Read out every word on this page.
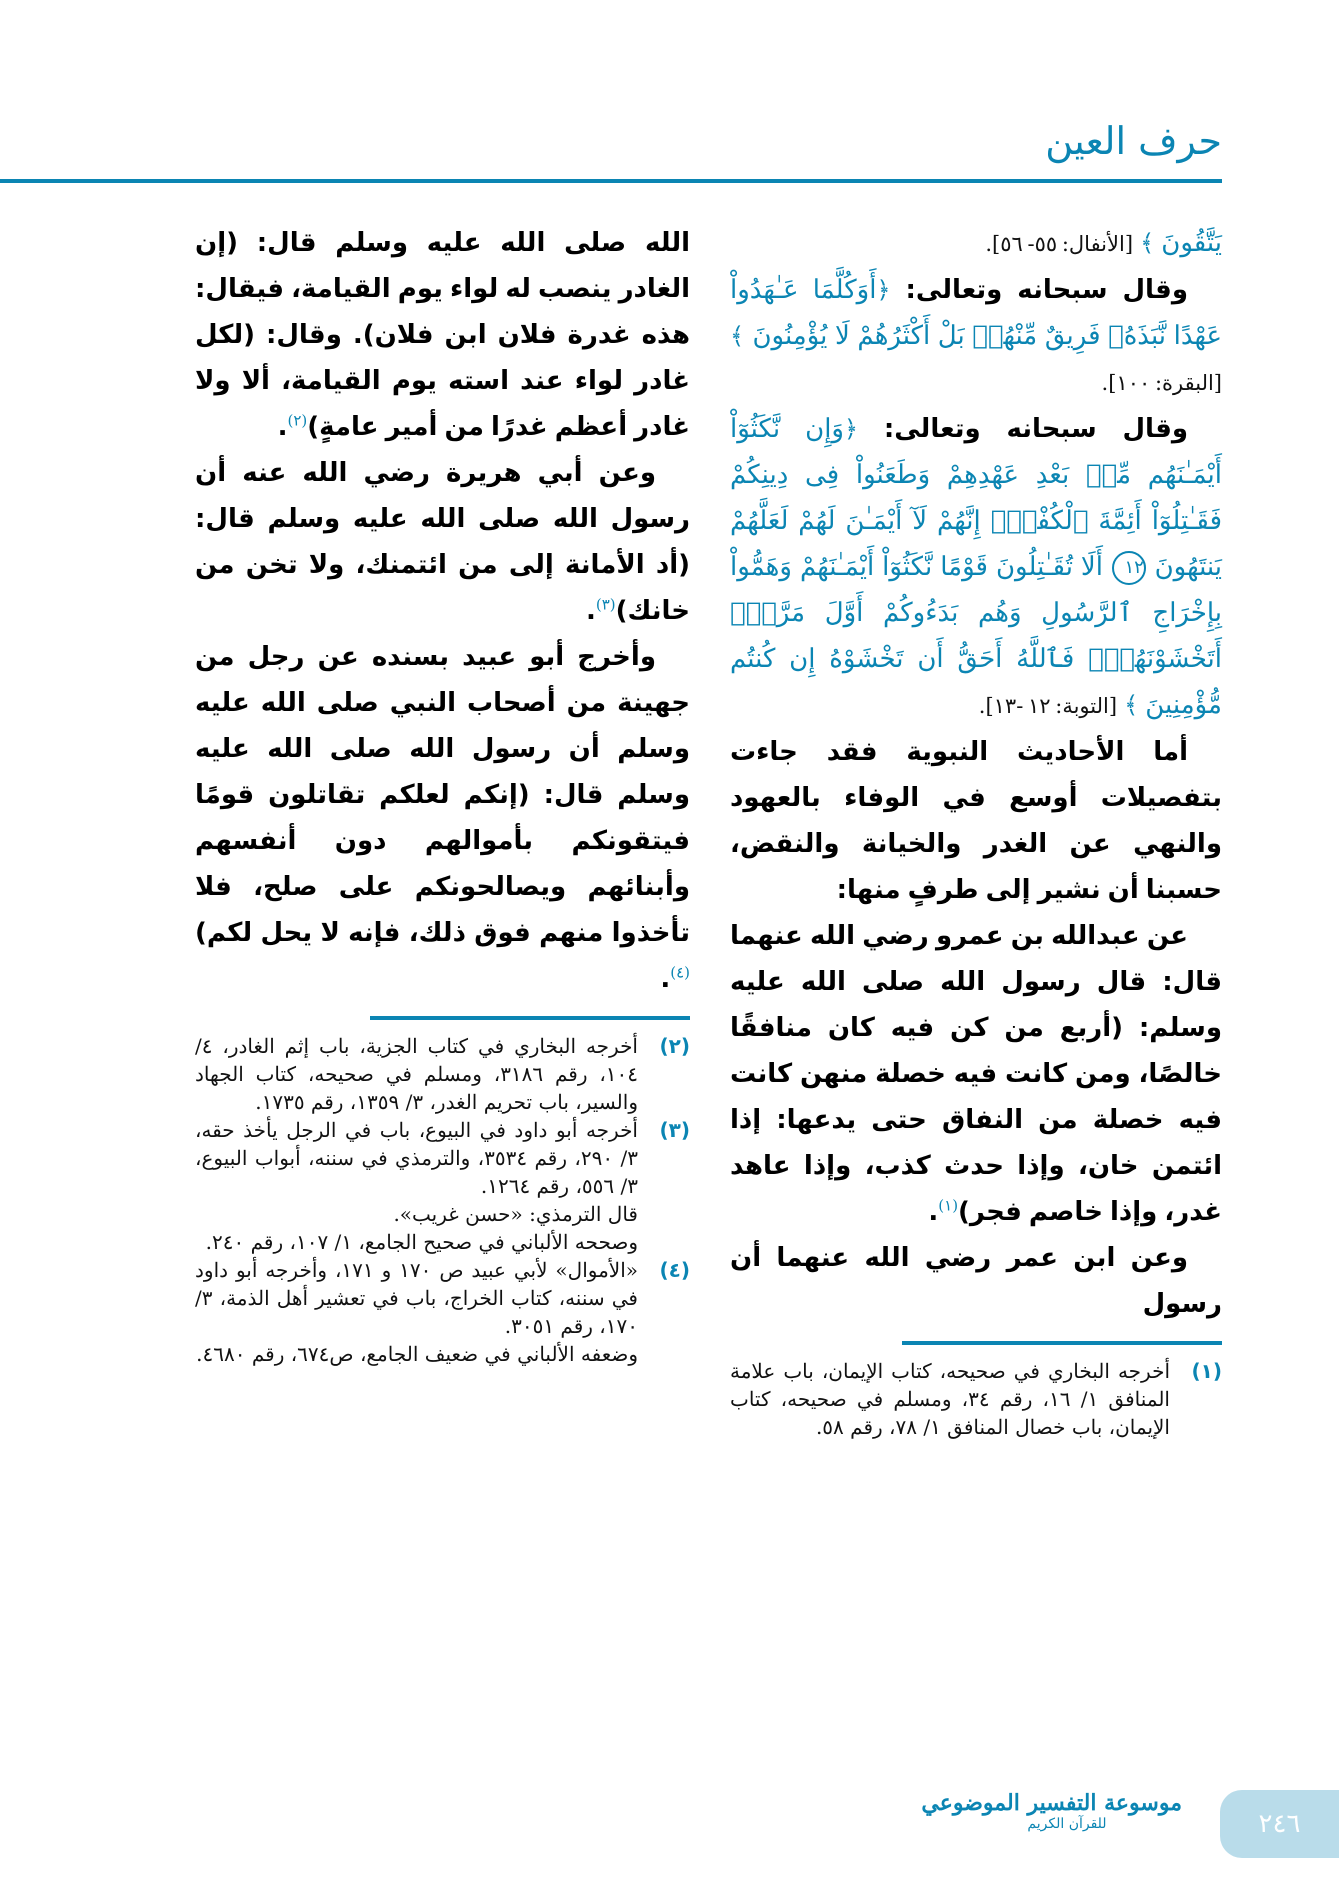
حرف العين

يَتَّقُونَ ﴾ [الأنفال: ٥٥- ٥٦].

وقال سبحانه وتعالى: ﴿أَوَكُلَّمَا عَـٰهَدُواْ عَهْدًا نَّبَذَهُۥ فَرِيقٌ مِّنْهُمۚ بَلْ أَكْثَرُهُمْ لَا يُؤْمِنُونَ ﴾ [البقرة: ١٠٠].

وقال سبحانه وتعالى: ﴿وَإِن نَّكَثُوٓاْ أَيْمَـٰنَهُم مِّنۢ بَعْدِ عَهْدِهِمْ وَطَعَنُواْ فِى دِينِكُمْ فَقَـٰتِلُوٓاْ أَئِمَّةَ ٱلْكُفْرِۙ إِنَّهُمْ لَآ أَيْمَـٰنَ لَهُمْ لَعَلَّهُمْ يَنتَهُونَ ١٢ أَلَا تُقَـٰتِلُونَ قَوْمًا نَّكَثُوٓاْ أَيْمَـٰنَهُمْ وَهَمُّواْ بِإِخْرَاجِ ٱلرَّسُولِ وَهُم بَدَءُوكُمْ أَوَّلَ مَرَّةٍۚ أَتَخْشَوْنَهُمْۚ فَٱللَّهُ أَحَقُّ أَن تَخْشَوْهُ إِن كُنتُم مُّؤْمِنِينَ ﴾ [التوبة: ١٢ -١٣].

أما الأحاديث النبوية فقد جاءت بتفصيلات أوسع في الوفاء بالعهود والنهي عن الغدر والخيانة والنقض، حسبنا أن نشير إلى طرفٍ منها:

عن عبدالله بن عمرو رضي الله عنهما قال: قال رسول الله صلى الله عليه وسلم: (أربع من كن فيه كان منافقًا خالصًا، ومن كانت فيه خصلة منهن كانت فيه خصلة من النفاق حتى يدعها: إذا ائتمن خان، وإذا حدث كذب، وإذا عاهد غدر، وإذا خاصم فجر)$^{(١)}$.

وعن ابن عمر رضي الله عنهما أن رسول

(١)
أخرجه البخاري في صحيحه، كتاب الإيمان، باب علامة المنافق ١/ ١٦، رقم ٣٤، ومسلم في صحيحه، كتاب الإيمان، باب خصال المنافق ١/ ٧٨، رقم ٥٨.

الله صلى الله عليه وسلم قال: (إن الغادر ينصب له لواء يوم القيامة، فيقال: هذه غدرة فلان ابن فلان). وقال: (لكل غادر لواء عند استه يوم القيامة، ألا ولا غادر أعظم غدرًا من أمير عامةٍ)$^{(٢)}$.

وعن أبي هريرة رضي الله عنه أن رسول الله صلى الله عليه وسلم قال: (أد الأمانة إلى من ائتمنك، ولا تخن من خانك)$^{(٣)}$.

وأخرج أبو عبيد بسنده عن رجل من جهينة من أصحاب النبي صلى الله عليه وسلم أن رسول الله صلى الله عليه وسلم قال: (إنكم لعلكم تقاتلون قومًا فيتقونكم بأموالهم دون أنفسهم وأبنائهم ويصالحونكم على صلح، فلا تأخذوا منهم فوق ذلك، فإنه لا يحل لكم)$^{(٤)}$.

(٢)
أخرجه البخاري في كتاب الجزية، باب إثم الغادر، ٤/ ١٠٤، رقم ٣١٨٦، ومسلم في صحيحه، كتاب الجهاد والسير، باب تحريم الغدر، ٣/ ١٣٥٩، رقم ١٧٣٥.
(٣)
أخرجه أبو داود في البيوع، باب في الرجل يأخذ حقه، ٣/ ٢٩٠، رقم ٣٥٣٤، والترمذي في سننه، أبواب البيوع، ٣/ ٥٥٦، رقم ١٢٦٤.
قال الترمذي: «حسن غريب».
وصححه الألباني في صحيح الجامع، ١/ ١٠٧، رقم ٢٤٠.
(٤)
«الأموال» لأبي عبيد ص ١٧٠ و ١٧١، وأخرجه أبو داود في سننه، كتاب الخراج، باب في تعشير أهل الذمة، ٣/ ١٧٠، رقم ٣٠٥١.
وضعفه الألباني في ضعيف الجامع، ص٦٧٤، رقم ٤٦٨٠.
موسوعة التفسير الموضوعي
للقرآن الكريم	٢٤٦
